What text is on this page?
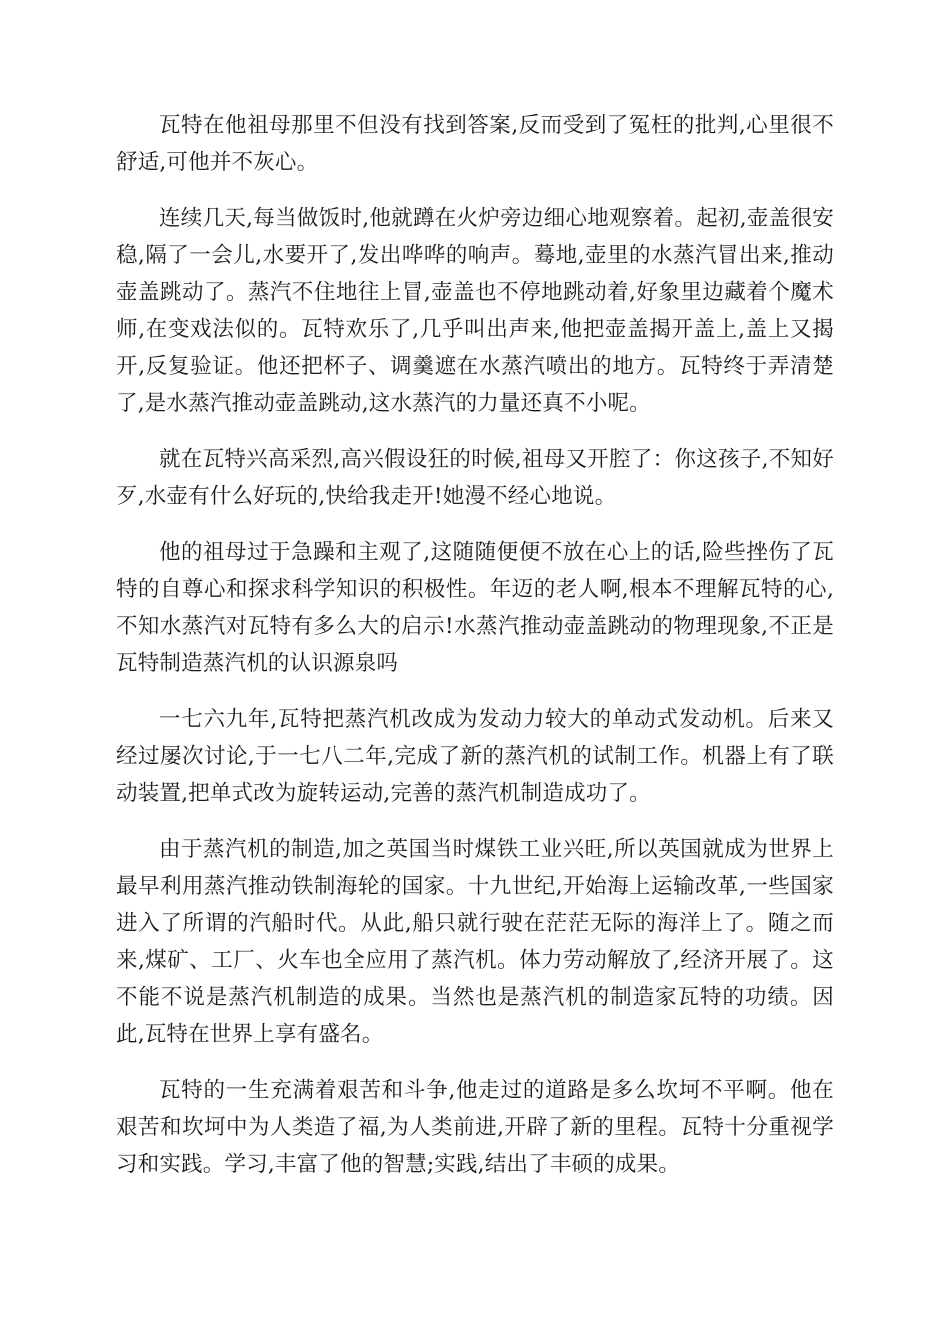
瓦特在他祖母那里不但没有找到答案,反而受到了冤枉的批判,心里很不舒适,可他并不灰心。

连续几天,每当做饭时,他就蹲在火炉旁边细心地观察着。起初,壶盖很安稳,隔了一会儿,水要开了,发出哗哗的响声。蓦地,壶里的水蒸汽冒出来,推动壶盖跳动了。蒸汽不住地往上冒,壶盖也不停地跳动着,好象里边藏着个魔术师,在变戏法似的。瓦特欢乐了,几乎叫出声来,他把壶盖揭开盖上,盖上又揭开,反复验证。他还把杯子、调羹遮在水蒸汽喷出的地方。瓦特终于弄清楚了,是水蒸汽推动壶盖跳动,这水蒸汽的力量还真不小呢。

就在瓦特兴高采烈,高兴假设狂的时候,祖母又开腔了：你这孩子,不知好歹,水壶有什么好玩的,快给我走开!她漫不经心地说。

他的祖母过于急躁和主观了,这随随便便不放在心上的话,险些挫伤了瓦特的自尊心和探求科学知识的积极性。年迈的老人啊,根本不理解瓦特的心,不知水蒸汽对瓦特有多么大的启示!水蒸汽推动壶盖跳动的物理现象,不正是瓦特制造蒸汽机的认识源泉吗

一七六九年,瓦特把蒸汽机改成为发动力较大的单动式发动机。后来又经过屡次讨论,于一七八二年,完成了新的蒸汽机的试制工作。机器上有了联动装置,把单式改为旋转运动,完善的蒸汽机制造成功了。

由于蒸汽机的制造,加之英国当时煤铁工业兴旺,所以英国就成为世界上最早利用蒸汽推动铁制海轮的国家。十九世纪,开始海上运输改革,一些国家进入了所谓的汽船时代。从此,船只就行驶在茫茫无际的海洋上了。随之而来,煤矿、工厂、火车也全应用了蒸汽机。体力劳动解放了,经济开展了。这不能不说是蒸汽机制造的成果。当然也是蒸汽机的制造家瓦特的功绩。因此,瓦特在世界上享有盛名。

瓦特的一生充满着艰苦和斗争,他走过的道路是多么坎坷不平啊。他在艰苦和坎坷中为人类造了福,为人类前进,开辟了新的里程。瓦特十分重视学习和实践。学习,丰富了他的智慧;实践,结出了丰硕的成果。
